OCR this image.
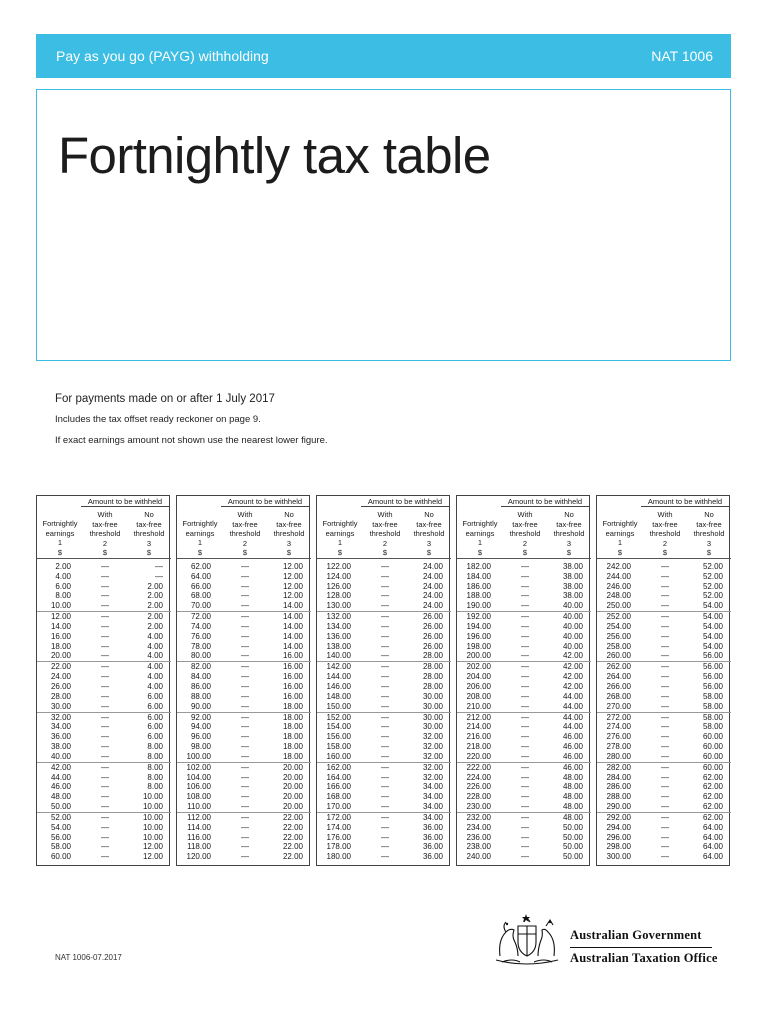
Pay as you go (PAYG) withholding	NAT 1006
Fortnightly tax table

For payments made on or after 1 July 2017

Includes the tax offset ready reckoner on page 9.

If exact earnings amount not shown use the nearest lower figure.

Amount to be withheld
Fortnightly
earnings
1
$
With
tax-free
threshold
2
$
No
tax-free
threshold
3
$
2.00	—	—
4.00	—	—
6.00	—	2.00
8.00	—	2.00
10.00	—	2.00
12.00	—	2.00
14.00	—	2.00
16.00	—	4.00
18.00	—	4.00
20.00	—	4.00
22.00	—	4.00
24.00	—	4.00
26.00	—	4.00
28.00	—	6.00
30.00	—	6.00
32.00	—	6.00
34.00	—	6.00
36.00	—	6.00
38.00	—	8.00
40.00	—	8.00
42.00	—	8.00
44.00	—	8.00
46.00	—	8.00
48.00	—	10.00
50.00	—	10.00
52.00	—	10.00
54.00	—	10.00
56.00	—	10.00
58.00	—	12.00
60.00	—	12.00
Amount to be withheld
Fortnightly
earnings
1
$
With
tax-free
threshold
2
$
No
tax-free
threshold
3
$
62.00	—	12.00
64.00	—	12.00
66.00	—	12.00
68.00	—	12.00
70.00	—	14.00
72.00	—	14.00
74.00	—	14.00
76.00	—	14.00
78.00	—	14.00
80.00	—	16.00
82.00	—	16.00
84.00	—	16.00
86.00	—	16.00
88.00	—	16.00
90.00	—	18.00
92.00	—	18.00
94.00	—	18.00
96.00	—	18.00
98.00	—	18.00
100.00	—	18.00
102.00	—	20.00
104.00	—	20.00
106.00	—	20.00
108.00	—	20.00
110.00	—	20.00
112.00	—	22.00
114.00	—	22.00
116.00	—	22.00
118.00	—	22.00
120.00	—	22.00
Amount to be withheld
Fortnightly
earnings
1
$
With
tax-free
threshold
2
$
No
tax-free
threshold
3
$
122.00	—	24.00
124.00	—	24.00
126.00	—	24.00
128.00	—	24.00
130.00	—	24.00
132.00	—	26.00
134.00	—	26.00
136.00	—	26.00
138.00	—	26.00
140.00	—	28.00
142.00	—	28.00
144.00	—	28.00
146.00	—	28.00
148.00	—	30.00
150.00	—	30.00
152.00	—	30.00
154.00	—	30.00
156.00	—	32.00
158.00	—	32.00
160.00	—	32.00
162.00	—	32.00
164.00	—	32.00
166.00	—	34.00
168.00	—	34.00
170.00	—	34.00
172.00	—	34.00
174.00	—	36.00
176.00	—	36.00
178.00	—	36.00
180.00	—	36.00
Amount to be withheld
Fortnightly
earnings
1
$
With
tax-free
threshold
2
$
No
tax-free
threshold
3
$
182.00	—	38.00
184.00	—	38.00
186.00	—	38.00
188.00	—	38.00
190.00	—	40.00
192.00	—	40.00
194.00	—	40.00
196.00	—	40.00
198.00	—	40.00
200.00	—	42.00
202.00	—	42.00
204.00	—	42.00
206.00	—	42.00
208.00	—	44.00
210.00	—	44.00
212.00	—	44.00
214.00	—	44.00
216.00	—	46.00
218.00	—	46.00
220.00	—	46.00
222.00	—	46.00
224.00	—	48.00
226.00	—	48.00
228.00	—	48.00
230.00	—	48.00
232.00	—	48.00
234.00	—	50.00
236.00	—	50.00
238.00	—	50.00
240.00	—	50.00
Amount to be withheld
Fortnightly
earnings
1
$
With
tax-free
threshold
2
$
No
tax-free
threshold
3
$
242.00	—	52.00
244.00	—	52.00
246.00	—	52.00
248.00	—	52.00
250.00	—	54.00
252.00	—	54.00
254.00	—	54.00
256.00	—	54.00
258.00	—	54.00
260.00	—	56.00
262.00	—	56.00
264.00	—	56.00
266.00	—	56.00
268.00	—	58.00
270.00	—	58.00
272.00	—	58.00
274.00	—	58.00
276.00	—	60.00
278.00	—	60.00
280.00	—	60.00
282.00	—	60.00
284.00	—	62.00
286.00	—	62.00
288.00	—	62.00
290.00	—	62.00
292.00	—	62.00
294.00	—	64.00
296.00	—	64.00
298.00	—	64.00
300.00	—	64.00
NAT 1006-07.2017
Australian Government
Australian Taxation Office
